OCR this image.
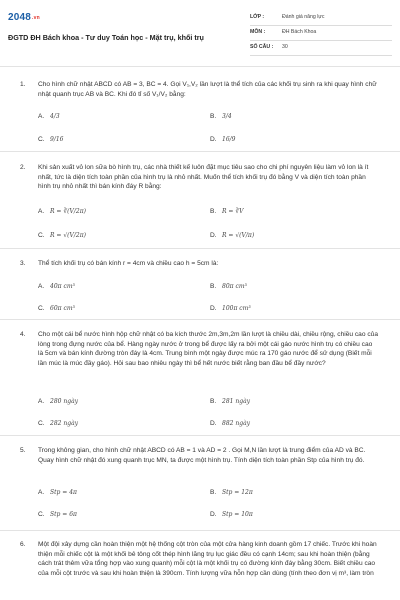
2048.vn
ĐGTD ĐH Bách khoa - Tư duy Toán học - Mặt trụ, khối trụ
LỚP :	Đánh giá năng lực
MÔN :	ĐH Bách Khoa
SỐ CÂU :	30
1. Cho hình chữ nhật ABCD có AB = 3, BC = 4. Gọi V₁,V₂ lần lượt là thể tích của các khối trụ sinh ra khi quay hình chữ nhật quanh trục AB và BC. Khi đó tỉ số V₁/V₂ bằng:
A. 4/3	B. 3/4
C. 9/16	D. 16/9
2. Khi sản xuất vỏ lon sữa bò hình trụ, các nhà thiết kế luôn đặt mục tiêu sao cho chi phí nguyên liệu làm vỏ lon là ít nhất, tức là diện tích toàn phần của hình trụ là nhỏ nhất. Muốn thể tích khối trụ đó bằng V và diện tích toàn phần hình trụ nhỏ nhất thì bán kính đáy R bằng:
A. R = ∛(V/2π)	B. R = ∛V
C. R = √(V/2π)	D. R = √(V/π)
3. Thể tích khối trụ có bán kính r = 4cm và chiều cao h = 5cm là:
A. 40π cm³	B. 80π cm³
C. 60π cm³	D. 100π cm³
4. Cho một cái bể nước hình hộp chữ nhật có ba kích thước 2m,3m,2m lần lượt là chiều dài, chiều rộng, chiều cao của lòng trong đựng nước của bể. Hàng ngày nước ở trong bể được lấy ra bởi một cái gáo nước hình trụ có chiều cao là 5cm và bán kính đường tròn đáy là 4cm. Trung bình một ngày được múc ra 170 gáo nước để sử dụng (Biết mỗi lần múc là múc đầy gáo). Hỏi sau bao nhiêu ngày thì bể hết nước biết rằng ban đầu bể đầy nước?
A. 280 ngày	B. 281 ngày
C. 282 ngày	D. 882 ngày
5. Trong không gian, cho hình chữ nhật ABCD có AB = 1 và AD = 2 . Gọi M,N lần lượt là trung điểm của AD và BC. Quay hình chữ nhật đó xung quanh trục MN, ta được một hình trụ. Tính diện tích toàn phần Stp của hình trụ đó.
A. Stp = 4π	B. Stp = 12π
C. Stp = 6π	D. Stp = 10π
6. Một đội xây dựng cần hoàn thiện một hệ thống cột tròn của một cửa hàng kinh doanh gồm 17 chiếc. Trước khi hoàn thiện mỗi chiếc cột là một khối bê tông cốt thép hình lăng trụ lục giác đều có cạnh 14cm; sau khi hoàn thiện (bằng cách trát thêm vữa tổng hợp vào xung quanh) mỗi cột là một khối trụ có đường kính đáy bằng 30cm. Biết chiều cao của mỗi cột trước và sau khi hoàn thiện là 390cm. Tính lượng vữa hỗn hợp cần dùng (tính theo đơn vị m³, làm tròn
